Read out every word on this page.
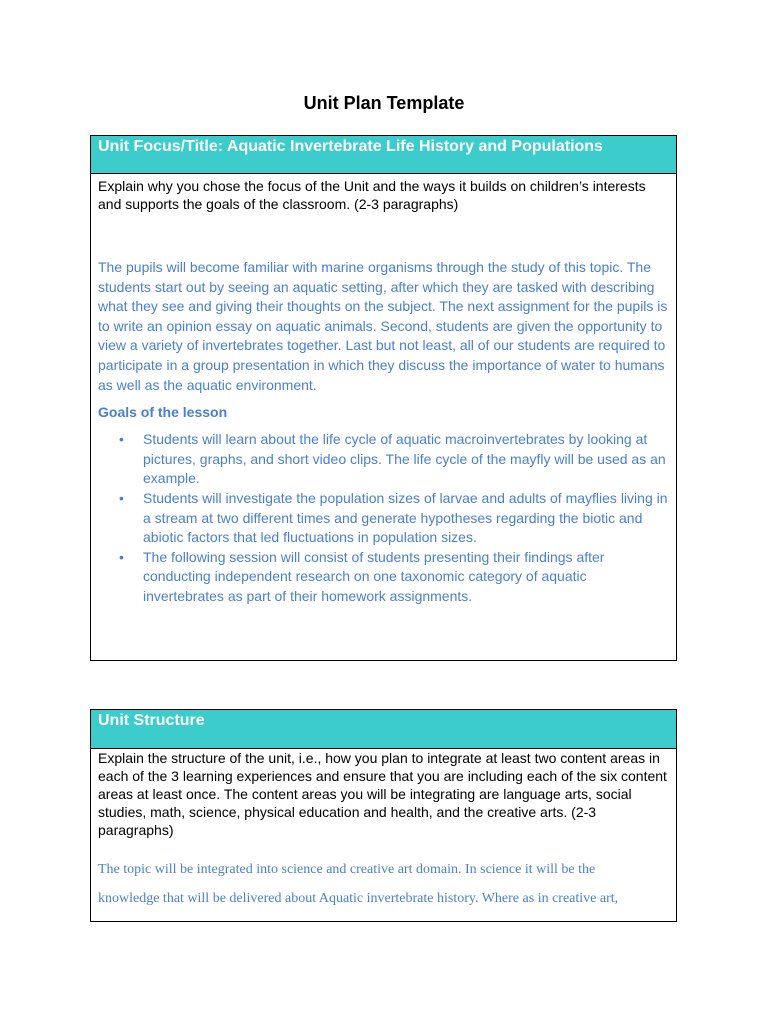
Unit Plan Template
Unit Focus/Title: Aquatic Invertebrate Life History and Populations

Explain why you chose the focus of the Unit and the ways it builds on children’s interests and supports the goals of the classroom. (2-3 paragraphs)

The pupils will become familiar with marine organisms through the study of this topic. The students start out by seeing an aquatic setting, after which they are tasked with describing what they see and giving their thoughts on the subject. The next assignment for the pupils is to write an opinion essay on aquatic animals. Second, students are given the opportunity to view a variety of invertebrates together. Last but not least, all of our students are required to participate in a group presentation in which they discuss the importance of water to humans as well as the aquatic environment.

Goals of the lesson

• Students will learn about the life cycle of aquatic macroinvertebrates by looking at pictures, graphs, and short video clips. The life cycle of the mayfly will be used as an example.
• Students will investigate the population sizes of larvae and adults of mayflies living in a stream at two different times and generate hypotheses regarding the biotic and abiotic factors that led fluctuations in population sizes.
• The following session will consist of students presenting their findings after conducting independent research on one taxonomic category of aquatic invertebrates as part of their homework assignments.
Unit Structure

Explain the structure of the unit, i.e., how you plan to integrate at least two content areas in each of the 3 learning experiences and ensure that you are including each of the six content areas at least once. The content areas you will be integrating are language arts, social studies, math, science, physical education and health, and the creative arts. (2-3 paragraphs)

The topic will be integrated into science and creative art domain. In science it will be the

knowledge that will be delivered about Aquatic invertebrate history. Where as in creative art,
